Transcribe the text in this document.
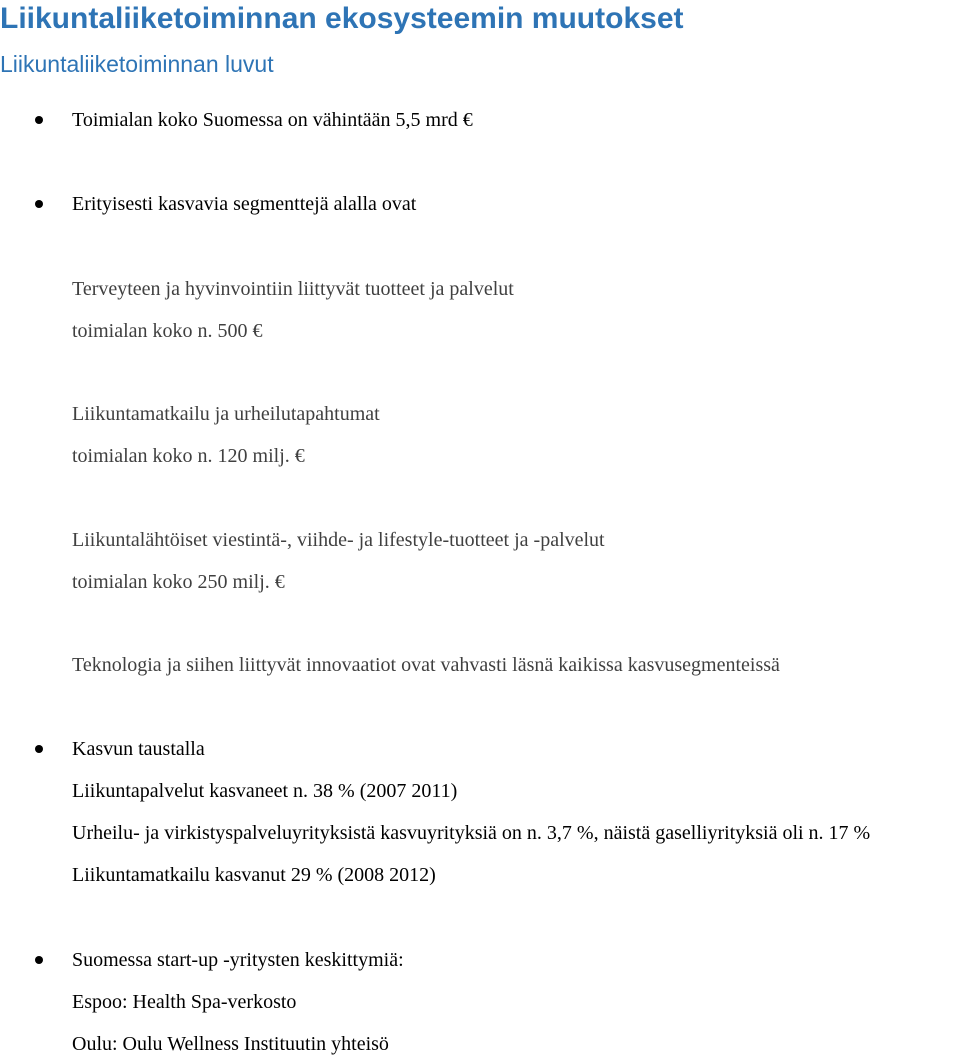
Liikuntaliiketoiminnan ekosysteemin muutokset
Liikuntaliiketoiminnan luvut

Toimialan koko Suomessa on vähintään 5,5 mrd €

Erityisesti kasvavia segmenttejä alalla ovat

Terveyteen ja hyvinvointiin liittyvät tuotteet ja palvelut

toimialan koko n. 500 €

Liikuntamatkailu ja urheilutapahtumat

toimialan koko n. 120 milj. €

Liikuntalähtöiset viestintä-, viihde- ja lifestyle-tuotteet ja -palvelut

toimialan koko 250 milj. €

Teknologia ja siihen liittyvät innovaatiot ovat vahvasti läsnä kaikissa kasvusegmenteissä

Kasvun taustalla

Liikuntapalvelut kasvaneet n. 38 % (2007 2011)

Urheilu- ja virkistyspalveluyrityksistä kasvuyrityksiä on n. 3,7 %, näistä gaselliyrityksiä oli n. 17 %

Liikuntamatkailu kasvanut 29 % (2008 2012)

Suomessa start-up -yritysten keskittymiä:

Espoo: Health Spa-verkosto

Oulu: Oulu Wellness Instituutin yhteisö
